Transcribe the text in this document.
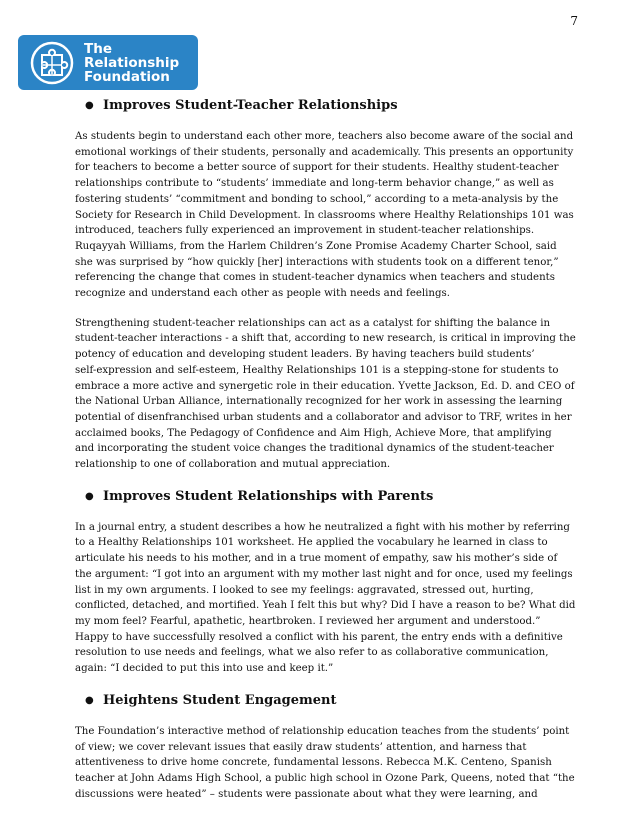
7
The
Relationship
Foundation
● Improves Student-Teacher Relationships

As students begin to understand each other more, teachers also become aware of the social and
emotional workings of their students, personally and academically. This presents an opportunity
for teachers to become a better source of support for their students. Healthy student-teacher
relationships contribute to “students’ immediate and long-term behavior change,” as well as
fostering students’ “commitment and bonding to school,” according to a meta-analysis by the
Society for Research in Child Development. In classrooms where Healthy Relationships 101 was
introduced, teachers fully experienced an improvement in student-teacher relationships.
Ruqayyah Williams, from the Harlem Children’s Zone Promise Academy Charter School, said
she was surprised by “how quickly [her] interactions with students took on a different tenor,”
referencing the change that comes in student-teacher dynamics when teachers and students
recognize and understand each other as people with needs and feelings.

Strengthening student-teacher relationships can act as a catalyst for shifting the balance in
student-teacher interactions - a shift that, according to new research, is critical in improving the
potency of education and developing student leaders. By having teachers build students’
self-expression and self-esteem, Healthy Relationships 101 is a stepping-stone for students to
embrace a more active and synergetic role in their education. Yvette Jackson, Ed. D. and CEO of
the National Urban Alliance, internationally recognized for her work in assessing the learning
potential of disenfranchised urban students and a collaborator and advisor to TRF, writes in her
acclaimed books, The Pedagogy of Confidence and Aim High, Achieve More, that amplifying
and incorporating the student voice changes the traditional dynamics of the student-teacher
relationship to one of collaboration and mutual appreciation.

● Improves Student Relationships with Parents

In a journal entry, a student describes a how he neutralized a fight with his mother by referring
to a Healthy Relationships 101 worksheet. He applied the vocabulary he learned in class to
articulate his needs to his mother, and in a true moment of empathy, saw his mother’s side of
the argument: “I got into an argument with my mother last night and for once, used my feelings
list in my own arguments. I looked to see my feelings: aggravated, stressed out, hurting,
conflicted, detached, and mortified. Yeah I felt this but why? Did I have a reason to be? What did
my mom feel? Fearful, apathetic, heartbroken. I reviewed her argument and understood.”
Happy to have successfully resolved a conflict with his parent, the entry ends with a definitive
resolution to use needs and feelings, what we also refer to as collaborative communication,
again: “I decided to put this into use and keep it.”

● Heightens Student Engagement

The Foundation’s interactive method of relationship education teaches from the students’ point
of view; we cover relevant issues that easily draw students’ attention, and harness that
attentiveness to drive home concrete, fundamental lessons. Rebecca M.K. Centeno, Spanish
teacher at John Adams High School, a public high school in Ozone Park, Queens, noted that “the
discussions were heated” – students were passionate about what they were learning, and
